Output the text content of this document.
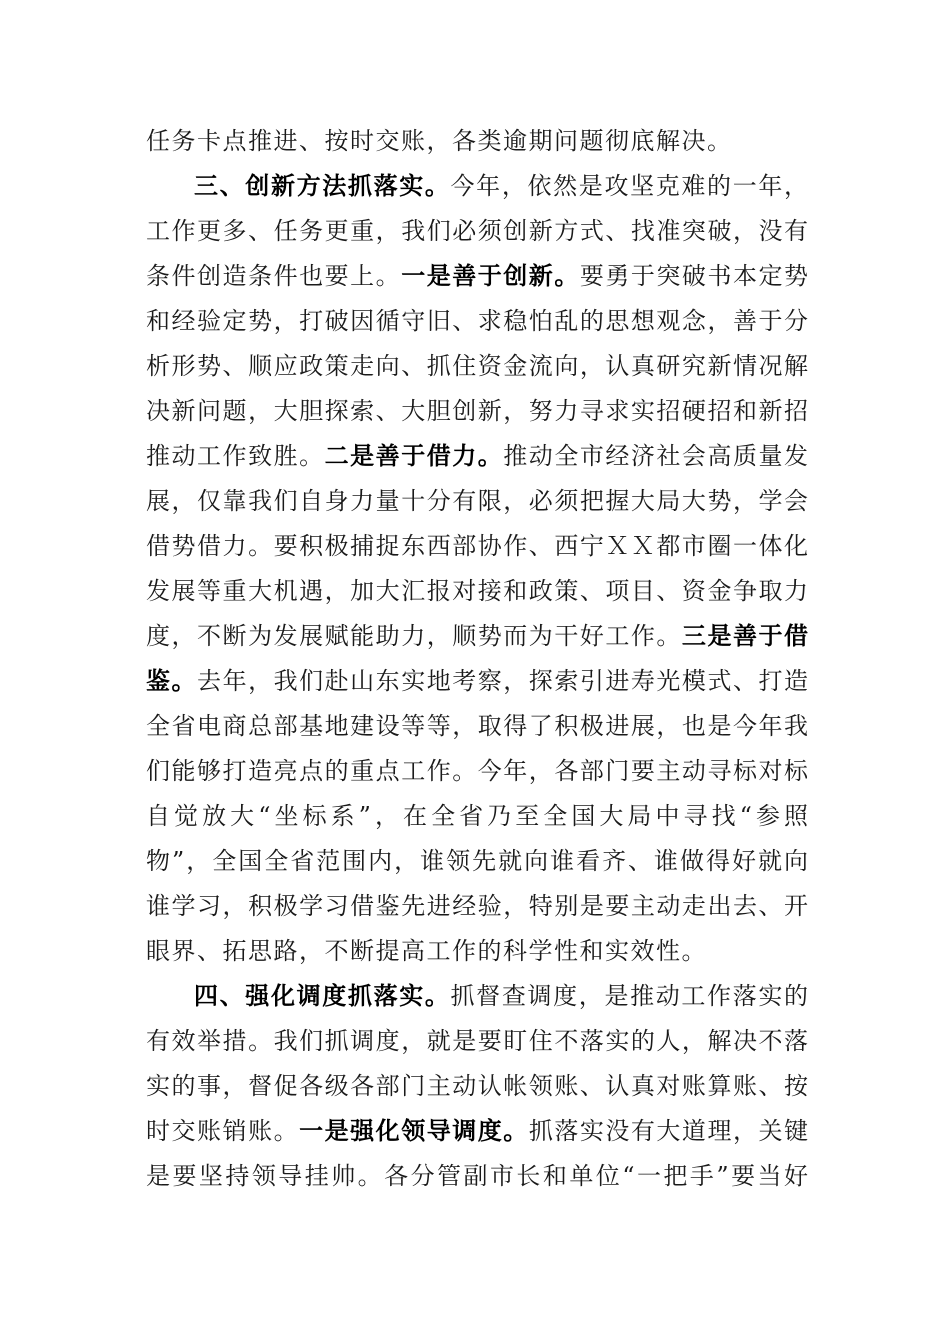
任务卡点推进、按时交账，各类逾期问题彻底解决。
三、创新方法抓落实。今年，依然是攻坚克难的一年，
工作更多、任务更重，我们必须创新方式、找准突破，没有
条件创造条件也要上。一是善于创新。要勇于突破书本定势
和经验定势，打破因循守旧、求稳怕乱的思想观念，善于分
析形势、顺应政策走向、抓住资金流向，认真研究新情况解
决新问题，大胆探索、大胆创新，努力寻求实招硬招和新招
推动工作致胜。二是善于借力。推动全市经济社会高质量发
展，仅靠我们自身力量十分有限，必须把握大局大势，学会
借势借力。要积极捕捉东西部协作、西宁ＸＸ都市圈一体化
发展等重大机遇，加大汇报对接和政策、项目、资金争取力
度，不断为发展赋能助力，顺势而为干好工作。三是善于借
鉴。去年，我们赴山东实地考察，探索引进寿光模式、打造
全省电商总部基地建设等等，取得了积极进展，也是今年我
们能够打造亮点的重点工作。今年，各部门要主动寻标对标
自觉放大“坐标系”，在全省乃至全国大局中寻找“参照
物”，全国全省范围内，谁领先就向谁看齐、谁做得好就向
谁学习，积极学习借鉴先进经验，特别是要主动走出去、开
眼界、拓思路，不断提高工作的科学性和实效性。
四、强化调度抓落实。抓督查调度，是推动工作落实的
有效举措。我们抓调度，就是要盯住不落实的人，解决不落
实的事，督促各级各部门主动认帐领账、认真对账算账、按
时交账销账。一是强化领导调度。抓落实没有大道理，关键
是要坚持领导挂帅。各分管副市长和单位“一把手”要当好
